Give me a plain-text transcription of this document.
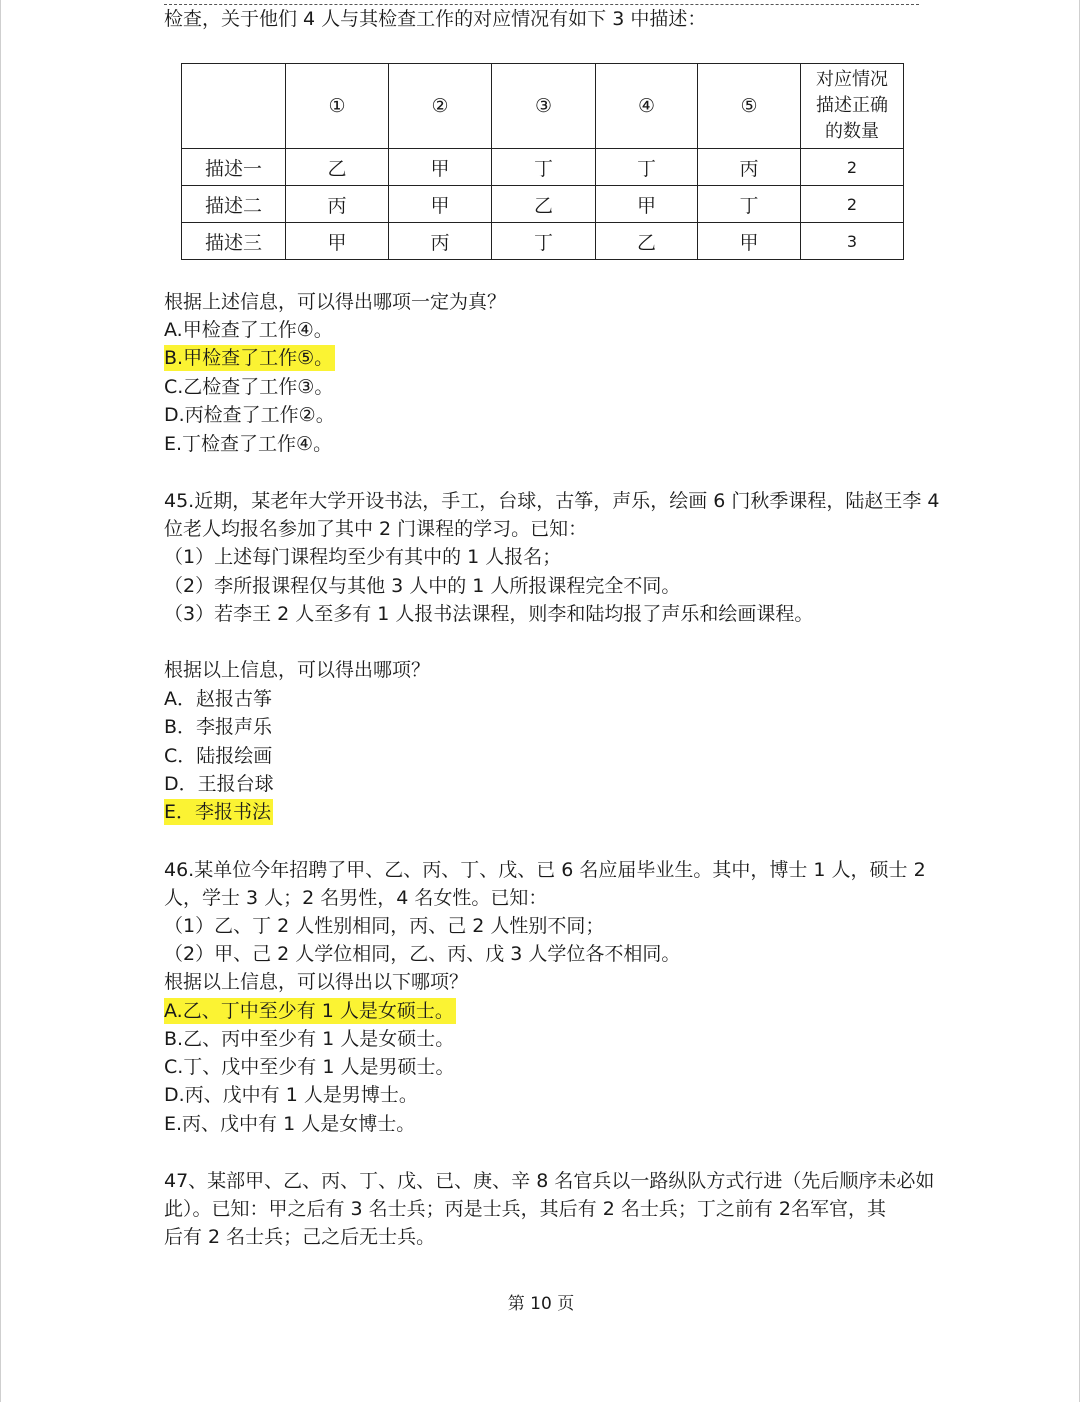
检查，关于他们 4 人与其检查工作的对应情况有如下 3 中描述：
	①	②	③	④	⑤	对应情况
描述正确
的数量

描述一	乙	甲	丁	丁	丙	2
描述二	丙	甲	乙	甲	丁	2
描述三	甲	丙	丁	乙	甲	3
根据上述信息，可以得出哪项一定为真？
A.甲检查了工作④。
B.甲检查了工作⑤。
C.乙检查了工作③。
D.丙检查了工作②。
E.丁检查了工作④。
45.近期，某老年大学开设书法，手工，台球，古筝，声乐，绘画 6 门秋季课程，陆赵王李 4
位老人均报名参加了其中 2 门课程的学习。已知：
（1）上述每门课程均至少有其中的 1 人报名；
（2）李所报课程仅与其他 3 人中的 1 人所报课程完全不同。
（3）若李王 2 人至多有 1 人报书法课程，则李和陆均报了声乐和绘画课程。
根据以上信息，可以得出哪项？
A．赵报古筝
B．李报声乐
C．陆报绘画
D．王报台球
E．李报书法
46.某单位今年招聘了甲、乙、丙、丁、戊、已 6 名应届毕业生。其中，博士 1 人，硕士 2
人，学士 3 人；2 名男性，4 名女性。已知：
（1）乙、丁 2 人性别相同，丙、己 2 人性别不同；
（2）甲、己 2 人学位相同，乙、丙、戊 3 人学位各不相同。
根据以上信息，可以得出以下哪项？
A.乙、丁中至少有 1 人是女硕士。
B.乙、丙中至少有 1 人是女硕士。
C.丁、戊中至少有 1 人是男硕士。
D.丙、戊中有 1 人是男博士。
E.丙、戊中有 1 人是女博士。
47、某部甲、乙、丙、丁、戊、已、庚、辛 8 名官兵以一路纵队方式行进（先后顺序未必如
此）。已知：甲之后有 3 名士兵；丙是士兵，其后有 2 名士兵；丁之前有 2名军官，其
后有 2 名士兵；己之后无士兵。
第 10 页
